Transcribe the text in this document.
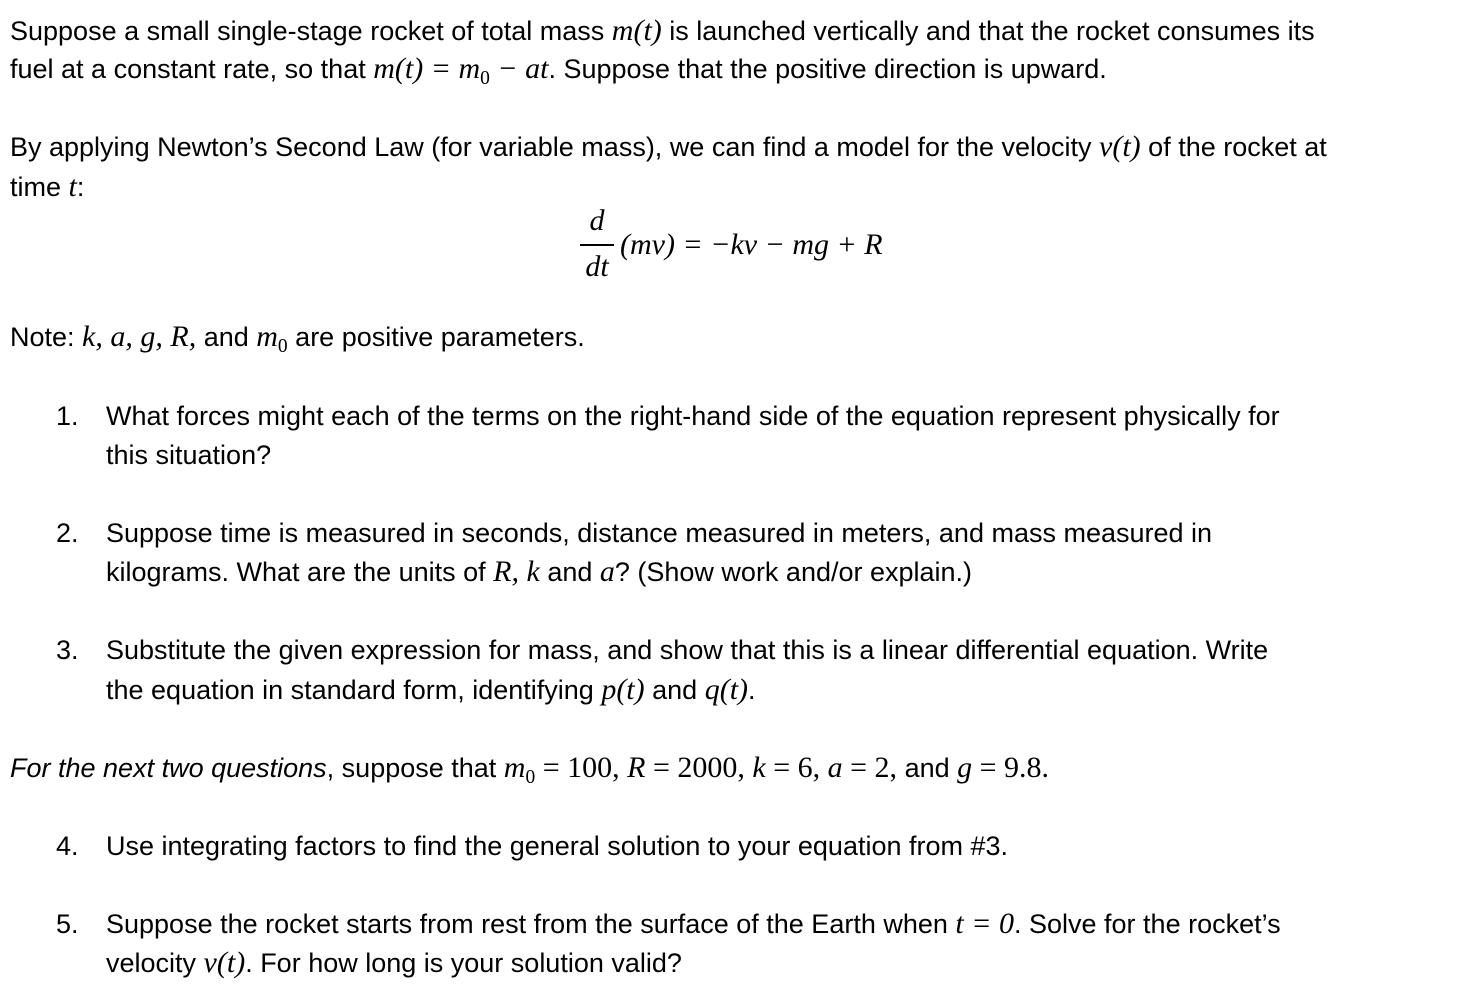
Suppose a small single-stage rocket of total mass m(t) is launched vertically and that the rocket consumes its
fuel at a constant rate, so that $m(t) = m_0$ − at. Suppose that the positive direction is upward.
By applying Newton’s Second Law (for variable mass), we can find a model for the velocity v(t) of the rocket at
time t:
d
dt
(mv) = −kv − mg + R
Note: k, a, g, R, and $m_0$ are positive parameters.
1. What forces might each of the terms on the right-hand side of the equation represent physically for
this situation?
2. Suppose time is measured in seconds, distance measured in meters, and mass measured in
kilograms. What are the units of R, k and a? (Show work and/or explain.)
3. Substitute the given expression for mass, and show that this is a linear differential equation. Write
the equation in standard form, identifying p(t) and q(t).
For the next two questions, suppose that $m_0 = 100$, R = 2000, k = 6, a = 2, and g = 9.8.
4. Use integrating factors to find the general solution to your equation from #3.
5. Suppose the rocket starts from rest from the surface of the Earth when t = 0. Solve for the rocket’s
velocity v(t). For how long is your solution valid?
